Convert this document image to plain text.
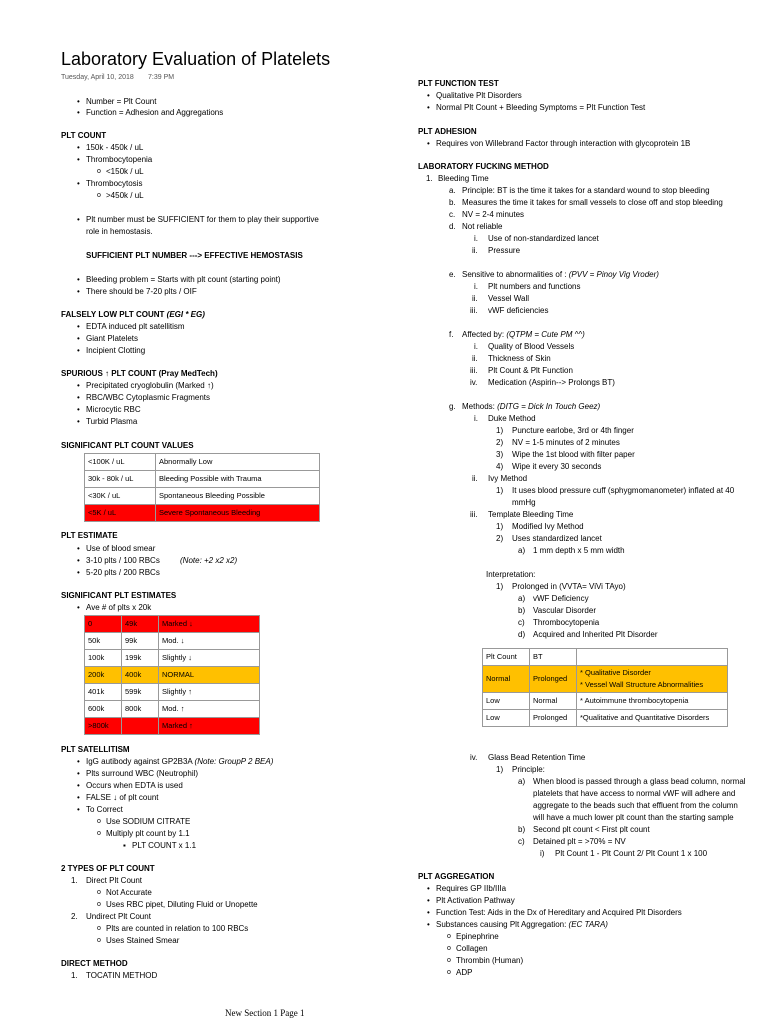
Laboratory Evaluation of Platelets
Tuesday, April 10, 2018 7:39 PM
• Number = Plt Count
• Function = Adhesion and Aggregations
PLT COUNT
• 150k - 450k / uL
• Thrombocytopenia
o <150k / uL
• Thrombocytosis
o >450k / uL
• Plt number must be SUFFICIENT for them to play their supportive
role in hemostasis.
SUFFICIENT PLT NUMBER ---> EFFECTIVE HEMOSTASIS
• Bleeding problem = Starts with plt count (starting point)
• There should be 7-20 plts / OIF
FALSELY LOW PLT COUNT (EGI * EG)
• EDTA induced plt satellitism
• Giant Platelets
• Incipient Clotting
SPURIOUS ↑ PLT COUNT (Pray MedTech)
• Precipitated cryoglobulin (Marked ↑)
• RBC/WBC Cytoplasmic Fragments
• Microcytic RBC
• Turbid Plasma
SIGNIFICANT PLT COUNT VALUES
<100K / uL	Abnormally Low
30k - 80k / uL	Bleeding Possible with Trauma
<30K / uL	Spontaneous Bleeding Possible
<5K / uL	Severe Spontaneous Bleeding
PLT ESTIMATE
• Use of blood smear
• 3-10 plts / 100 RBCs	(Note: +2 x2 x2)
• 5-20 plts / 200 RBCs
SIGNIFICANT PLT ESTIMATES
• Ave # of plts x 20k
0	49k	Marked ↓
50k	99k	Mod. ↓
100k	199k	Slightly ↓
200k	400k	NORMAL
401k	599k	Slightly ↑
600k	800k	Mod. ↑
>800k		Marked ↑
PLT SATELLITISM
• IgG autibody against GP2B3A (Note: GroupP 2 BEA)
• Plts surround WBC (Neutrophil)
• Occurs when EDTA is used
• FALSE ↓ of plt count
• To Correct
o Use SODIUM CITRATE
o Multiply plt count by 1.1
▪ PLT COUNT x 1.1
2 TYPES OF PLT COUNT
1. Direct Plt Count
o Not Accurate
o Uses RBC pipet, Diluting Fluid or Unopette
2. Undirect Plt Count
o Plts are counted in relation to 100 RBCs
o Uses Stained Smear
DIRECT METHOD
1. TOCATIN METHOD
PLT FUNCTION TEST
• Qualitative Plt Disorders
• Normal Plt Count + Bleeding Symptoms = Plt Function Test
PLT ADHESION
• Requires von Willebrand Factor through interaction with glycoprotein 1B
LABORATORY FUCKING METHOD
1. Bleeding Time
a. Principle: BT is the time it takes for a standard wound to stop bleeding
b. Measures the time it takes for small vessels to close off and stop bleeding
c. NV = 2-4 minutes
d. Not reliable
i. Use of non-standardized lancet
ii. Pressure
e. Sensitive to abnormalities of : (PVV = Pinoy Vig Vroder)
i. Plt numbers and functions
ii. Vessel Wall
iii. vWF deficiencies
f. Affected by: (QTPM = Cute PM ^^)
i. Quality of Blood Vessels
ii. Thickness of Skin
iii. Plt Count & Plt Function
iv. Medication (Aspirin--> Prolongs BT)
g. Methods: (DITG = Dick In Touch Geez)
i. Duke Method
1) Puncture earlobe, 3rd or 4th finger
2) NV = 1-5 minutes of 2 minutes
3) Wipe the 1st blood with filter paper
4) Wipe it every 30 seconds
ii. Ivy Method
1) It uses blood pressure cuff (sphygmomanometer) inflated at 40
mmHg
iii. Template Bleeding Time
1) Modified Ivy Method
2) Uses standardized lancet
a) 1 mm depth x 5 mm width
Interpretation:
1) Prolonged in (VVTA= ViVi TAyo)
a) vWF Deficiency
b) Vascular Disorder
c) Thrombocytopenia
d) Acquired and Inherited Plt Disorder
Plt Count	BT	
Normal	Prolonged	* Qualitative Disorder
* Vessel Wall Structure Abnormalities

Low	Normal	* Autoimmune thrombocytopenia
Low	Prolonged	*Qualitative and Quantitative Disorders
iv. Glass Bead Retention Time
1) Principle:
a) When blood is passed through a glass bead column, normal
platelets that have access to normal vWF will adhere and
aggregate to the beads such that effluent from the column
will have a much lower plt count than the starting sample
b) Second plt count < First plt count
c) Detained plt = >70% = NV
i) Plt Count 1 - Plt Count 2/ Plt Count 1 x 100
PLT AGGREGATION
• Requires GP IIb/IIIa
• Plt Activation Pathway
• Function Test: Aids in the Dx of Hereditary and Acquired Plt Disorders
• Substances causing Plt Aggregation: (EC TARA)
o Epinephrine
o Collagen
o Thrombin (Human)
o ADP
New Section 1 Page 1
